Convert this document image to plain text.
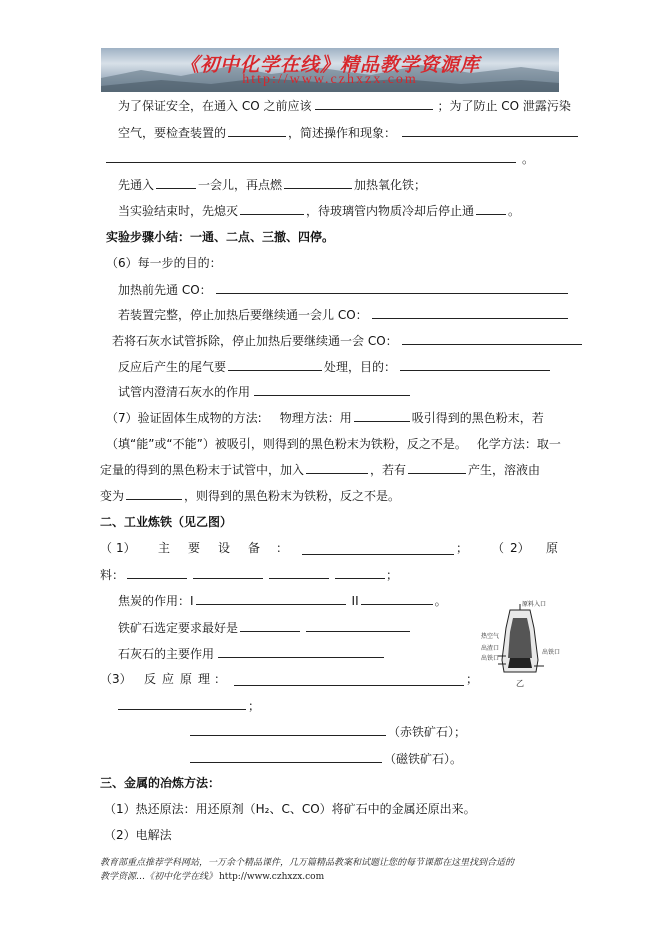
《初中化学在线》精品教学资源库
http://www.czhxzx.com
为了保证安全，在通入 CO 之前应该	；为了防止 CO 泄露污染
空气，要检查装置的	，简述操作和现象：
。
先通入	一会儿，再点燃	加热氧化铁；
当实验结束时，先熄灭	，待玻璃管内物质冷却后停止通	。
实验步骤小结：一通、二点、三撤、四停。
（6）每一步的目的：
加热前先通 CO：
若装置完整，停止加热后要继续通一会儿 CO：
若将石灰水试管拆除，停止加热后要继续通一会 CO：
反应后产生的尾气要	处理，目的：
试管内澄清石灰水的作用
（7）验证固体生成物的方法: 物理方法：用	吸引得到的黑色粉末，若
（填“能”或“不能”）被吸引，则得到的黑色粉末为铁粉，反之不是。 化学方法：取一
定量的得到的黑色粉末于试管中，加入	，若有	产生，溶液由
变为	，则得到的黑色粉末为铁粉，反之不是。
二、工业炼铁（见乙图）
（ 1） 主 要 设 备 ：	； （ 2） 原
料：	；
焦炭的作用：I	II	。
铁矿石选定要求最好是
石灰石的主要作用
（3） 反 应 原 理 ：	；
；
（赤铁矿石）；
（磁铁矿石）。
三、金属的冶炼方法：
（1）热还原法：用还原剂（H₂、C、CO）将矿石中的金属还原出来。
（2）电解法
原料入口
热空气
出渣口
出铁口
出铁口
乙
教育部重点推荐学科网站，一万余个精品课件，几万篇精品教案和试题让您的每节课都在这里找到合适的
教学资源…《初中化学在线》 http://www.czhxzx.com
